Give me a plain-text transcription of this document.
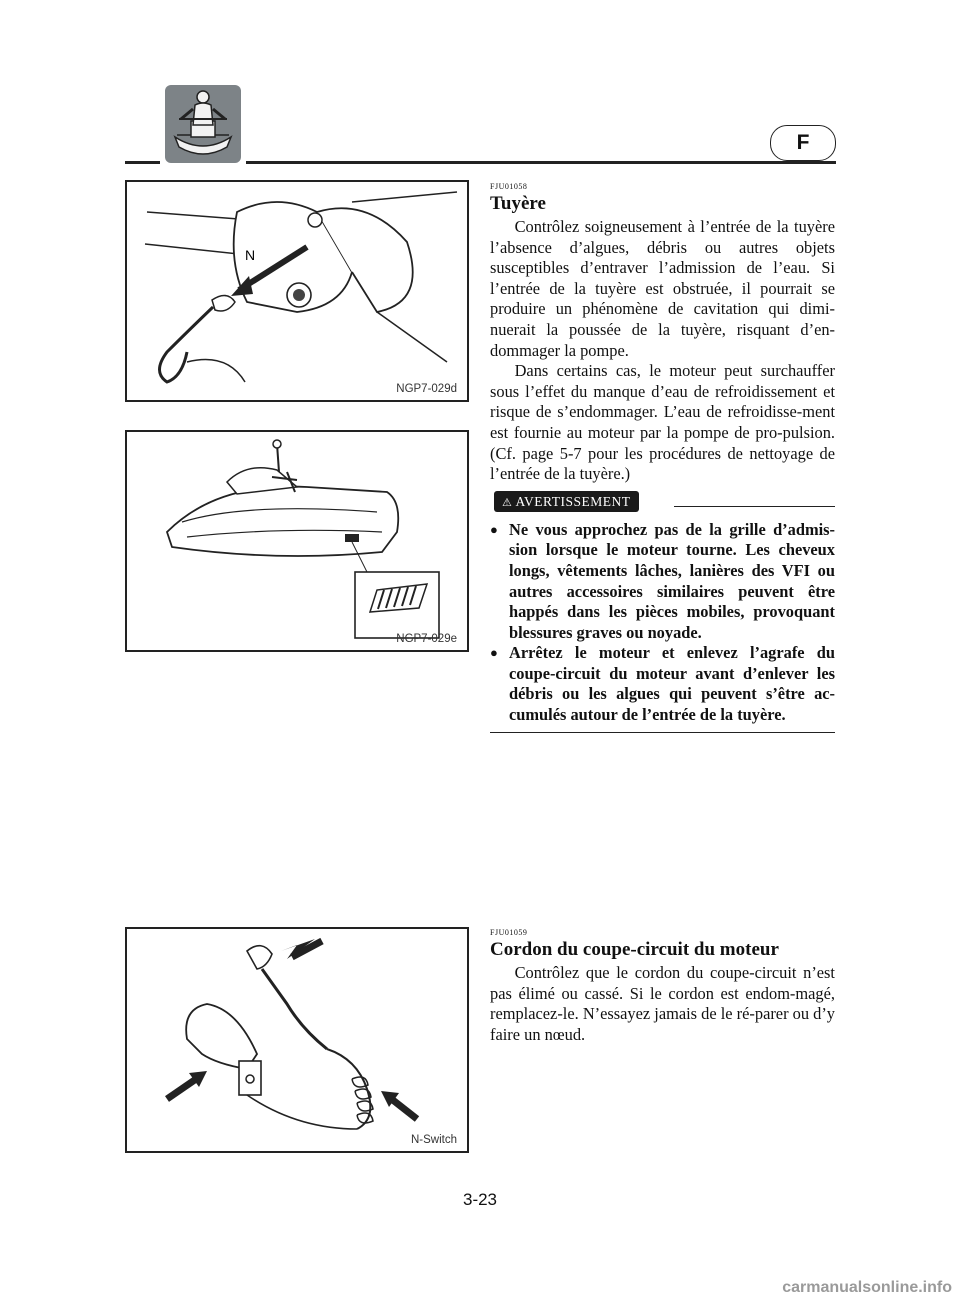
F
N
NGP7-029d
NGP7-029e
N-Switch
FJU01058
Tuyère

Contrôlez soigneusement à l’entrée de la tuyère l’absence d’algues, débris ou autres objets susceptibles d’entraver l’admission de l’eau. Si l’entrée de la tuyère est obstruée, il pourrait se produire un phénomène de cavitation qui dimi-nuerait la poussée de la tuyère, risquant d’en-dommager la pompe.

Dans certains cas, le moteur peut surchauffer sous l’effet du manque d’eau de refroidissement et risque de s’endommager. L’eau de refroidisse-ment est fournie au moteur par la pompe de pro-pulsion. (Cf. page 5-7 pour les procédures de nettoyage de l’entrée de la tuyère.)

⚠ AVERTISSEMENT
● Ne vous approchez pas de la grille d’admis-sion lorsque le moteur tourne. Les cheveux longs, vêtements lâches, lanières des VFI ou autres accessoires similaires peuvent être happés dans les pièces mobiles, provoquant blessures graves ou noyade.
● Arrêtez le moteur et enlevez l’agrafe du coupe-circuit du moteur avant d’enlever les débris ou les algues qui peuvent s’être ac-cumulés autour de l’entrée de la tuyère.
FJU01059
Cordon du coupe-circuit du moteur

Contrôlez que le cordon du coupe-circuit n’est pas élimé ou cassé. Si le cordon est endom-magé, remplacez-le. N’essayez jamais de le ré-parer ou d’y faire un nœud.

3-23
carmanualsonline.info
